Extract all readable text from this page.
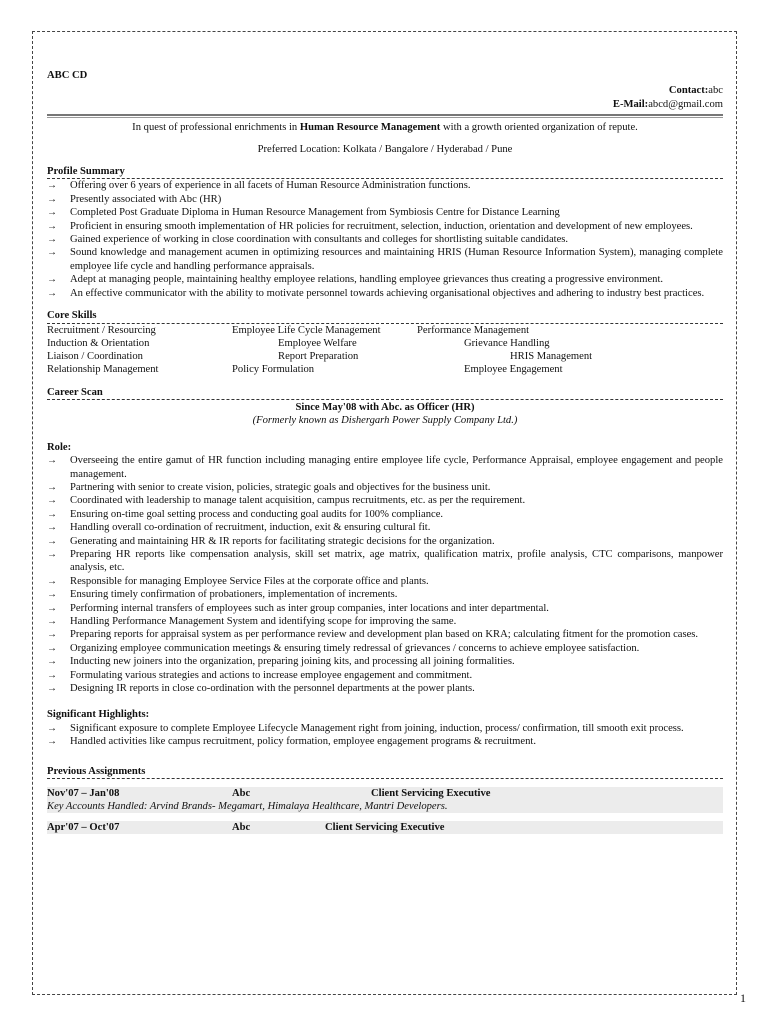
ABC CD
Contact:abc
E-Mail:abcd@gmail.com
In quest of professional enrichments in Human Resource Management with a growth oriented organization of repute.
Preferred Location: Kolkata / Bangalore / Hyderabad / Pune
Profile Summary
→ Offering over 6 years of experience in all facets of Human Resource Administration functions.
→ Presently associated with Abc (HR)
→ Completed Post Graduate Diploma in Human Resource Management from Symbiosis Centre for Distance Learning
→ Proficient in ensuring smooth implementation of HR policies for recruitment, selection, induction, orientation and development of new employees.
→ Gained experience of working in close coordination with consultants and colleges for shortlisting suitable candidates.
→ Sound knowledge and management acumen in optimizing resources and maintaining HRIS (Human Resource Information System), managing complete employee life cycle and handling performance appraisals.
→ Adept at managing people, maintaining healthy employee relations, handling employee grievances thus creating a progressive environment.
→ An effective communicator with the ability to motivate personnel towards achieving organisational objectives and adhering to industry best practices.
Core Skills
Recruitment / Resourcing	Employee Life Cycle Management	Performance Management
Induction & Orientation	Employee Welfare	Grievance Handling
Liaison / Coordination	Report Preparation	HRIS Management
Relationship Management	Policy Formulation	Employee Engagement
Career Scan
Since May'08 with Abc. as Officer (HR)
(Formerly known as Dishergarh Power Supply Company Ltd.)
Role:
→ Overseeing the entire gamut of HR function including managing entire employee life cycle, Performance Appraisal, employee engagement and people management.
→ Partnering with senior to create vision, policies, strategic goals and objectives for the business unit.
→ Coordinated with leadership to manage talent acquisition, campus recruitments, etc. as per the requirement.
→ Ensuring on-time goal setting process and conducting goal audits for 100% compliance.
→ Handling overall co-ordination of recruitment, induction, exit & ensuring cultural fit.
→ Generating and maintaining HR & IR reports for facilitating strategic decisions for the organization.
→ Preparing HR reports like compensation analysis, skill set matrix, age matrix, qualification matrix, profile analysis, CTC comparisons, manpower analysis, etc.
→ Responsible for managing Employee Service Files at the corporate office and plants.
→ Ensuring timely confirmation of probationers, implementation of increments.
→ Performing internal transfers of employees such as inter group companies, inter locations and inter departmental.
→ Handling Performance Management System and identifying scope for improving the same.
→ Preparing reports for appraisal system as per performance review and development plan based on KRA; calculating fitment for the promotion cases.
→ Organizing employee communication meetings & ensuring timely redressal of grievances / concerns to achieve employee satisfaction.
→ Inducting new joiners into the organization, preparing joining kits, and processing all joining formalities.
→ Formulating various strategies and actions to increase employee engagement and commitment.
→ Designing IR reports in close co-ordination with the personnel departments at the power plants.
Significant Highlights:
→ Significant exposure to complete Employee Lifecycle Management right from joining, induction, process/ confirmation, till smooth exit process.
→ Handled activities like campus recruitment, policy formation, employee engagement programs & recruitment.
Previous Assignments
Nov'07 – Jan'08	Abc	Client Servicing Executive
Key Accounts Handled: Arvind Brands- Megamart, Himalaya Healthcare, Mantri Developers.
Apr'07 – Oct'07	Abc	Client Servicing Executive
1
